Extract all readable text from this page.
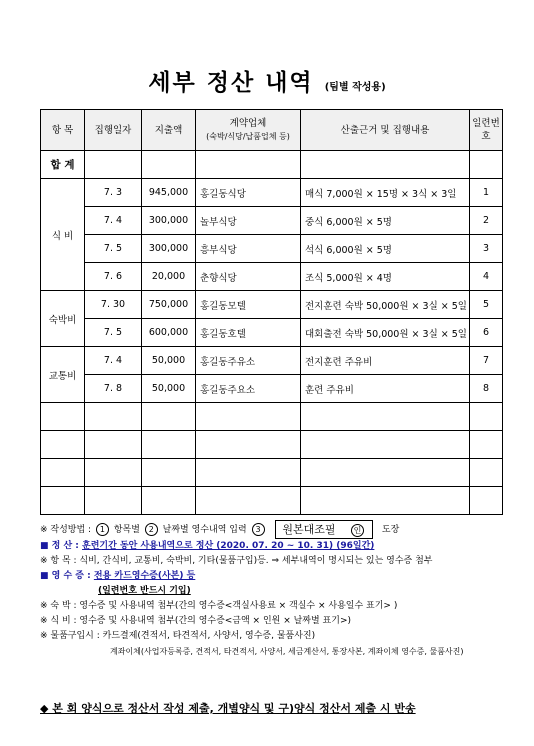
세부 정산 내역 (팀별 작성용)
항 목	집행일자	지출액	계약업체
(숙박/식당/납품업체 등)	산출근거 및 집행내용	일련번호
합 계					
식 비	7. 3	945,000	홍길동식당	매식 7,000원 × 15명 × 3식 × 3일	1
	7. 4	300,000	놀부식당	중식 6,000원 × 5명	2
	7. 5	300,000	흥부식당	석식 6,000원 × 5명	3
	7. 6	20,000	춘향식당	조식 5,000원 × 4명	4
숙박비	7. 30	750,000	홍길동모텔	전지훈련 숙박 50,000원 × 3실 × 5일	5
	7. 5	600,000	홍길동호텔	대회출전 숙박 50,000원 × 3실 × 5일	6
교통비	7. 4	50,000	홍길동주유소	전지훈련 주유비	7
	7. 8	50,000	홍길동주요소	훈련 주유비	8

※ 작성방법 : 1 항목별 2 날짜별 영수내역 입력 3 원본대조필 인 도장
■ 정 산 : 훈련기간 동안 사용내역으로 정산 (2020. 07. 20 ~ 10. 31) (96일간)
※ 항 목 : 식비, 간식비, 교통비, 숙박비, 기타(물품구입)등. ⇒ 세부내역이 명시되는 있는 영수증 첨부
■ 영 수 증 : 전용 카드영수증(사본) 등
(일련번호 반드시 기입)
※ 숙 박 : 영수증 및 사용내역 첨부(간의 영수증<객실사용료 × 객실수 × 사용일수 표기> )
※ 식 비 : 영수증 및 사용내역 첨부(간의 영수증<금액 × 인원 × 날짜별 표기>)
※ 물품구입시 : 카드결제(견적서, 타견적서, 사양서, 영수증, 물품사진)
계좌이체(사업자등록증, 견적서, 타견적서, 사양서, 세금계산서, 통장사본, 계좌이체 영수증, 물품사진)
◆ 본 회 양식으로 정산서 작성 제출, 개별양식 및 구)양식 정산서 제출 시 반송
